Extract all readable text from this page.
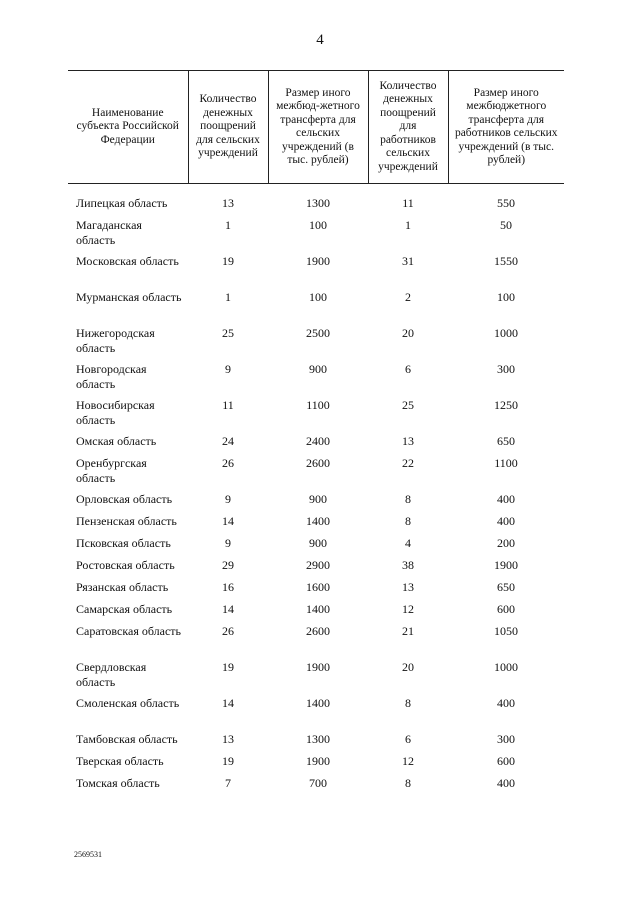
4
Наименование субъекта Российской Федерации	Количество денежных поощрений для сельских учреждений	Размер иного межбюд-жетного трансферта для сельских учреждений (в тыс. рублей)	Количество денежных поощрений для работников сельских учреждений	Размер иного межбюджетного трансферта для работников сельских учреждений (в тыс. рублей)

Липецкая область	13	1300	11	550
Магаданская область	1	100	1	50
Московская область	19	1900	31	1550
Мурманская область	1	100	2	100
Нижегородская область	25	2500	20	1000
Новгородская область	9	900	6	300
Новосибирская область	11	1100	25	1250
Омская область	24	2400	13	650
Оренбургская область	26	2600	22	1100
Орловская область	9	900	8	400
Пензенская область	14	1400	8	400
Псковская область	9	900	4	200
Ростовская область	29	2900	38	1900
Рязанская область	16	1600	13	650
Самарская область	14	1400	12	600
Саратовская область	26	2600	21	1050
Свердловская область	19	1900	20	1000
Смоленская область	14	1400	8	400
Тамбовская область	13	1300	6	300
Тверская область	19	1900	12	600
Томская область	7	700	8	400
2569531
